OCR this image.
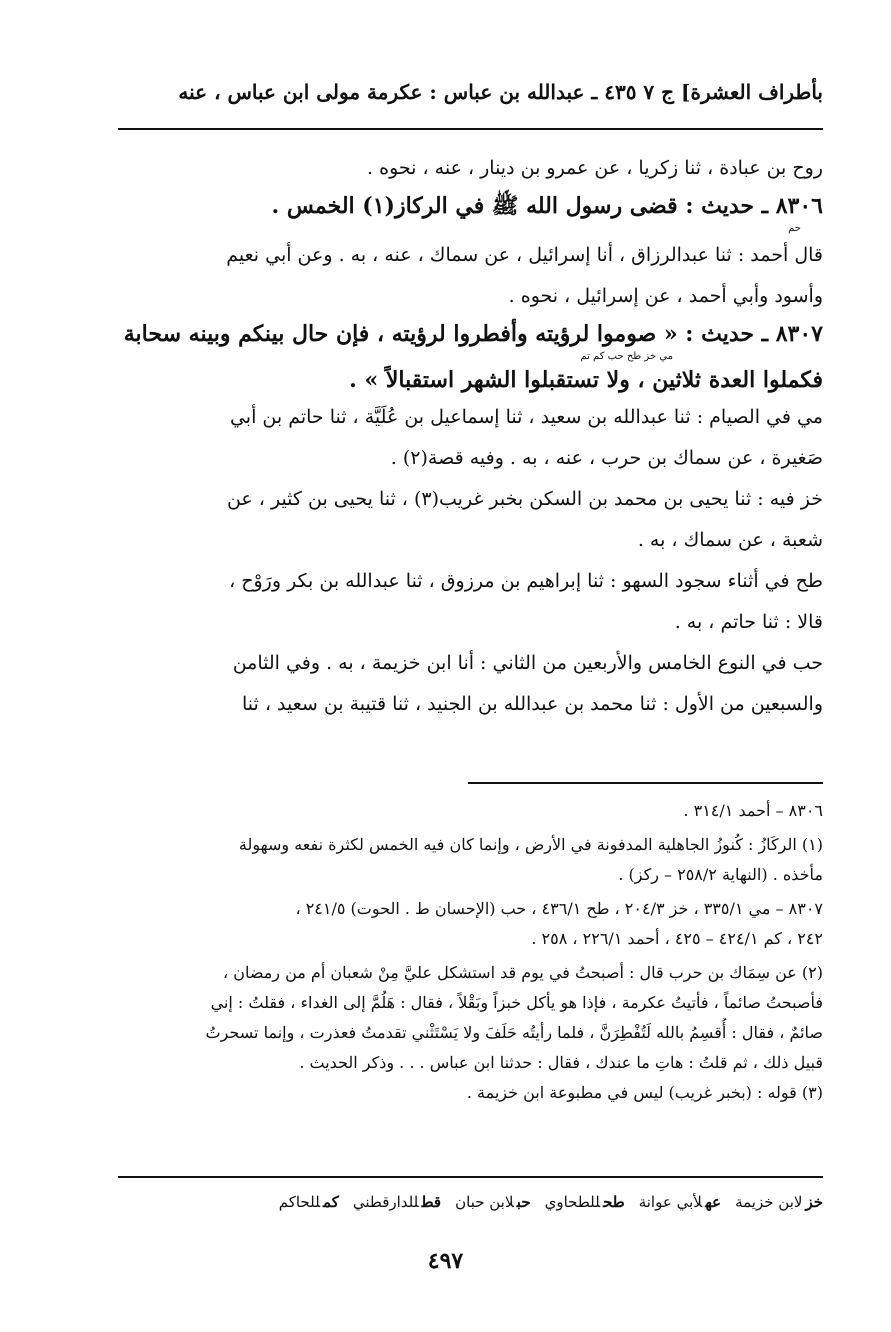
بأطراف العشرة] ج ٧ ٤٣٥ ـ عبدالله بن عباس : عكرمة مولى ابن عباس ، عنه
روح بن عبادة ، ثنا زكريا ، عن عمرو بن دينار ، عنه ، نحوه .
٨٣٠٦ ـ حديث : قضى رسول الله ﷺ في الركاز(١) الخمس .
حم
قال أحمد : ثنا عبدالرزاق ، أنا إسرائيل ، عن سماك ، عنه ، به . وعن أبي نعيم
وأسود وأبي أحمد ، عن إسرائيل ، نحوه .
٨٣٠٧ ـ حديث : « صوموا لرؤيته وأفطروا لرؤيته ، فإن حال بينكم وبينه سحابة
مي خز طح حب كم تم
فكملوا العدة ثلاثين ، ولا تستقبلوا الشهر استقبالاً » .
مي في الصيام : ثنا عبدالله بن سعيد ، ثنا إسماعيل بن عُلَيَّة ، ثنا حاتم بن أبي
صَغيرة ، عن سماك بن حرب ، عنه ، به . وفيه قصة(٢) .
خز فيه : ثنا يحيى بن محمد بن السكن بخبر غريب(٣) ، ثنا يحيى بن كثير ، عن
شعبة ، عن سماك ، به .
طح في أثناء سجود السهو : ثنا إبراهيم بن مرزوق ، ثنا عبدالله بن بكر ورَوْح ،
قالا : ثنا حاتم ، به .
حب في النوع الخامس والأربعين من الثاني : أنا ابن خزيمة ، به . وفي الثامن
والسبعين من الأول : ثنا محمد بن عبدالله بن الجنيد ، ثنا قتيبة بن سعيد ، ثنا
٨٣٠٦ – أحمد ٣١٤/١ .
(١) الركَازُ : كُنوزُ الجاهلية المدفونة في الأرض ، وإنما كان فيه الخمس لكثرة نفعه وسهولة
مأخذه . (النهاية ٢٥٨/٢ – ركز) .
٨٣٠٧ – مي ٣٣٥/١ ، خز ٢٠٤/٣ ، طح ٤٣٦/١ ، حب (الإحسان ط . الحوت) ٢٤١/٥ ،
٢٤٢ ، كم ٤٢٤/١ – ٤٢٥ ، أحمد ٢٢٦/١ ، ٢٥٨ .
(٢) عن سِمَاك بن حرب قال : أصبحتُ في يوم قد استشكل عليَّ مِنْ شعبان أم من رمضان ،
فأصبحتُ صائماً ، فأتيتُ عكرمة ، فإذا هو يأكل خبزاً وبَقْلاً ، فقال : هَلُمَّ إلى الغداء ، فقلتُ : إني
صائمٌ ، فقال : أُقسِمُ بالله لَتُفْطِرَنَّ ، فلما رأيتُه حَلَفَ ولا يَسْتَثْني تقدمتُ فعذرت ، وإنما تسحرتُ
قبيل ذلك ، ثم قلتُ : هاتِ ما عندك ، فقال : حدثنا ابن عباس . . . وذكر الحديث .
(٣) قوله : (بخبر غريب) ليس في مطبوعة ابن خزيمة .
خزلابن خزيمة
عهلأبي عوانة
طحللطحاوي
حبلابن حبان
قطللدارقطني
كمللحاكم
٤٩٧
